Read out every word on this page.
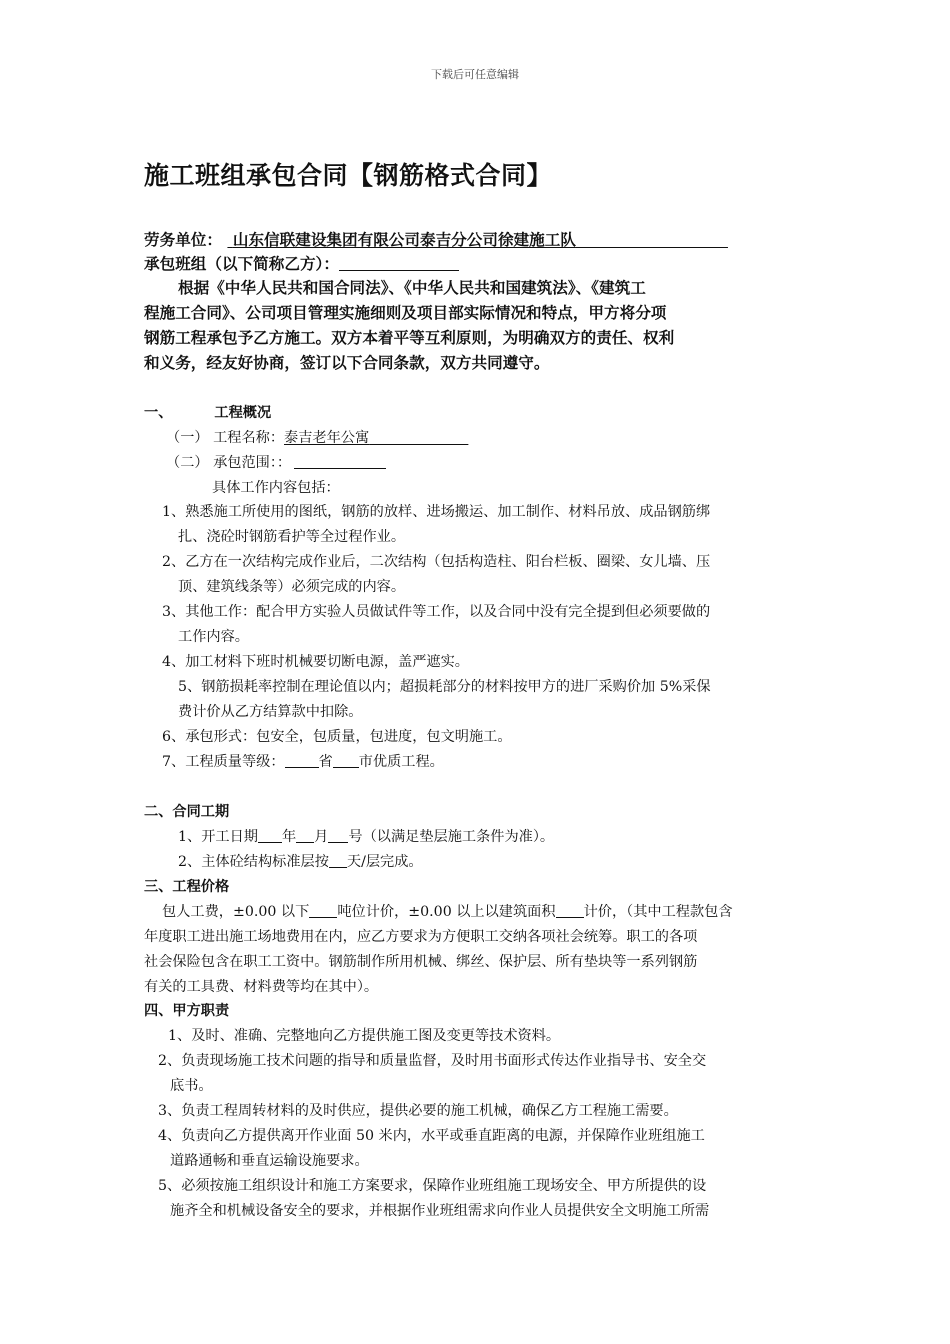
下载后可任意编辑
施工班组承包合同【钢筋格式合同】
劳务单位： 山东信联建设集团有限公司泰吉分公司徐建施工队
承包班组（以下简称乙方）：
根据《中华人民共和国合同法》、《中华人民共和国建筑法》、《建筑工
程施工合同》、公司项目管理实施细则及项目部实际情况和特点，甲方将分项
钢筋工程承包予乙方施工。双方本着平等互利原则，为明确双方的责任、权利
和义务，经友好协商，签订以下合同条款，双方共同遵守。
一、	工程概况
（一） 工程名称：泰吉老年公寓
（二） 承包范围：：
具体工作内容包括：
1、熟悉施工所使用的图纸，钢筋的放样、进场搬运、加工制作、材料吊放、成品钢筋绑
扎、浇砼时钢筋看护等全过程作业。
2、乙方在一次结构完成作业后，二次结构（包括构造柱、阳台栏板、圈梁、女儿墙、压
顶、建筑线条等）必须完成的内容。
3、其他工作：配合甲方实验人员做试件等工作，以及合同中没有完全提到但必须要做的
工作内容。
4、加工材料下班时机械要切断电源，盖严遮实。
5、钢筋损耗率控制在理论值以内；超损耗部分的材料按甲方的进厂采购价加 5%采保
费计价从乙方结算款中扣除。
6、承包形式：包安全，包质量，包进度，包文明施工。
7、工程质量等级： 省 市优质工程。
二、合同工期
1、开工日期 年 月 号（以满足垫层施工条件为准）。
2、主体砼结构标准层按 天/层完成。
三、工程价格
包人工费，±0.00 以下 吨位计价，±0.00 以上以建筑面积 计价，（其中工程款包含
年度职工进出施工场地费用在内，应乙方要求为方便职工交纳各项社会统筹。职工的各项
社会保险包含在职工工资中。钢筋制作所用机械、绑丝、保护层、所有垫块等一系列钢筋
有关的工具费、材料费等均在其中）。
四、甲方职责
1、及时、准确、完整地向乙方提供施工图及变更等技术资料。
2、负责现场施工技术问题的指导和质量监督，及时用书面形式传达作业指导书、安全交
底书。
3、负责工程周转材料的及时供应，提供必要的施工机械，确保乙方工程施工需要。
4、负责向乙方提供离开作业面 50 米内，水平或垂直距离的电源，并保障作业班组施工
道路通畅和垂直运输设施要求。
5、必须按施工组织设计和施工方案要求，保障作业班组施工现场安全、甲方所提供的设
施齐全和机械设备安全的要求，并根据作业班组需求向作业人员提供安全文明施工所需
